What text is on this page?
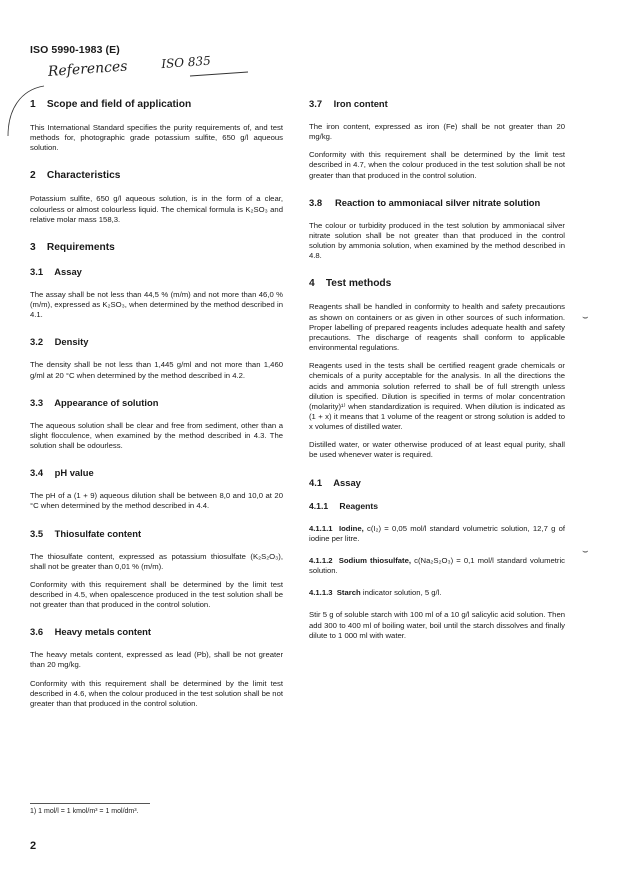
ISO 5990-1983 (E)
References	ISO 835
1 Scope and field of application

This International Standard specifies the purity requirements of, and test methods for, photographic grade potassium sulfite, 650 g/l aqueous solution.

2 Characteristics

Potassium sulfite, 650 g/l aqueous solution, is in the form of a clear, colourless or almost colourless liquid. The chemical formula is K₂SO₃ and relative molar mass 158,3.

3 Requirements
3.1 Assay

The assay shall be not less than 44,5 % (m/m) and not more than 46,0 % (m/m), expressed as K₂SO₃, when determined by the method described in 4.1.

3.2 Density

The density shall be not less than 1,445 g/ml and not more than 1,460 g/ml at 20 °C when determined by the method described in 4.2.

3.3 Appearance of solution

The aqueous solution shall be clear and free from sediment, other than a slight flocculence, when examined by the method described in 4.3. The solution shall be odourless.

3.4 pH value

The pH of a (1 + 9) aqueous dilution shall be between 8,0 and 10,0 at 20 °C when determined by the method described in 4.4.

3.5 Thiosulfate content

The thiosulfate content, expressed as potassium thiosulfate (K₂S₂O₃), shall not be greater than 0,01 % (m/m).

Conformity with this requirement shall be determined by the limit test described in 4.5, when opalescence produced in the test solution shall be not greater than that produced in the control solution.

3.6 Heavy metals content

The heavy metals content, expressed as lead (Pb), shall be not greater than 20 mg/kg.

Conformity with this requirement shall be determined by the limit test described in 4.6, when the colour produced in the test solution shall be not greater than that produced in the control solution.

3.7 Iron content

The iron content, expressed as iron (Fe) shall be not greater than 20 mg/kg.

Conformity with this requirement shall be determined by the limit test described in 4.7, when the colour produced in the test solution shall be not greater than that produced in the control solution.

3.8	Reaction to ammoniacal silver nitrate solution

The colour or turbidity produced in the test solution by ammoniacal silver nitrate solution shall be not greater than that produced in the control solution by ammonia solution, when examined by the method described in 4.8.

4 Test methods

Reagents shall be handled in conformity to health and safety precautions as shown on containers or as given in other sources of such information. Proper labelling of prepared reagents includes adequate health and safety precautions. The discharge of reagents shall conform to applicable environmental regulations.

Reagents used in the tests shall be certified reagent grade chemicals or chemicals of a purity acceptable for the analysis. In all the directions the acids and ammonia solution referred to shall be of full strength unless dilution is specified. Dilution is specified in terms of molar concentration (molarity)¹⁾ when standardization is required. When dilution is indicated as (1 + x) it means that 1 volume of the reagent or strong solution is added to x volumes of distilled water.

Distilled water, or water otherwise produced of at least equal purity, shall be used whenever water is required.

4.1 Assay
4.1.1 Reagents

4.1.1.1 Iodine, c(I₂) = 0,05 mol/l standard volumetric solution, 12,7 g of iodine per litre.

4.1.1.2 Sodium thiosulfate, c(Na₂S₂O₃) = 0,1 mol/l standard volumetric solution.

4.1.1.3 Starch indicator solution, 5 g/l.

Stir 5 g of soluble starch with 100 ml of a 10 g/l salicylic acid solution. Then add 300 to 400 ml of boiling water, boil until the starch dissolves and finally dilute to 1 000 ml with water.

⌣
⌣
1) 1 mol/l = 1 kmol/m³ = 1 mol/dm³.
2
